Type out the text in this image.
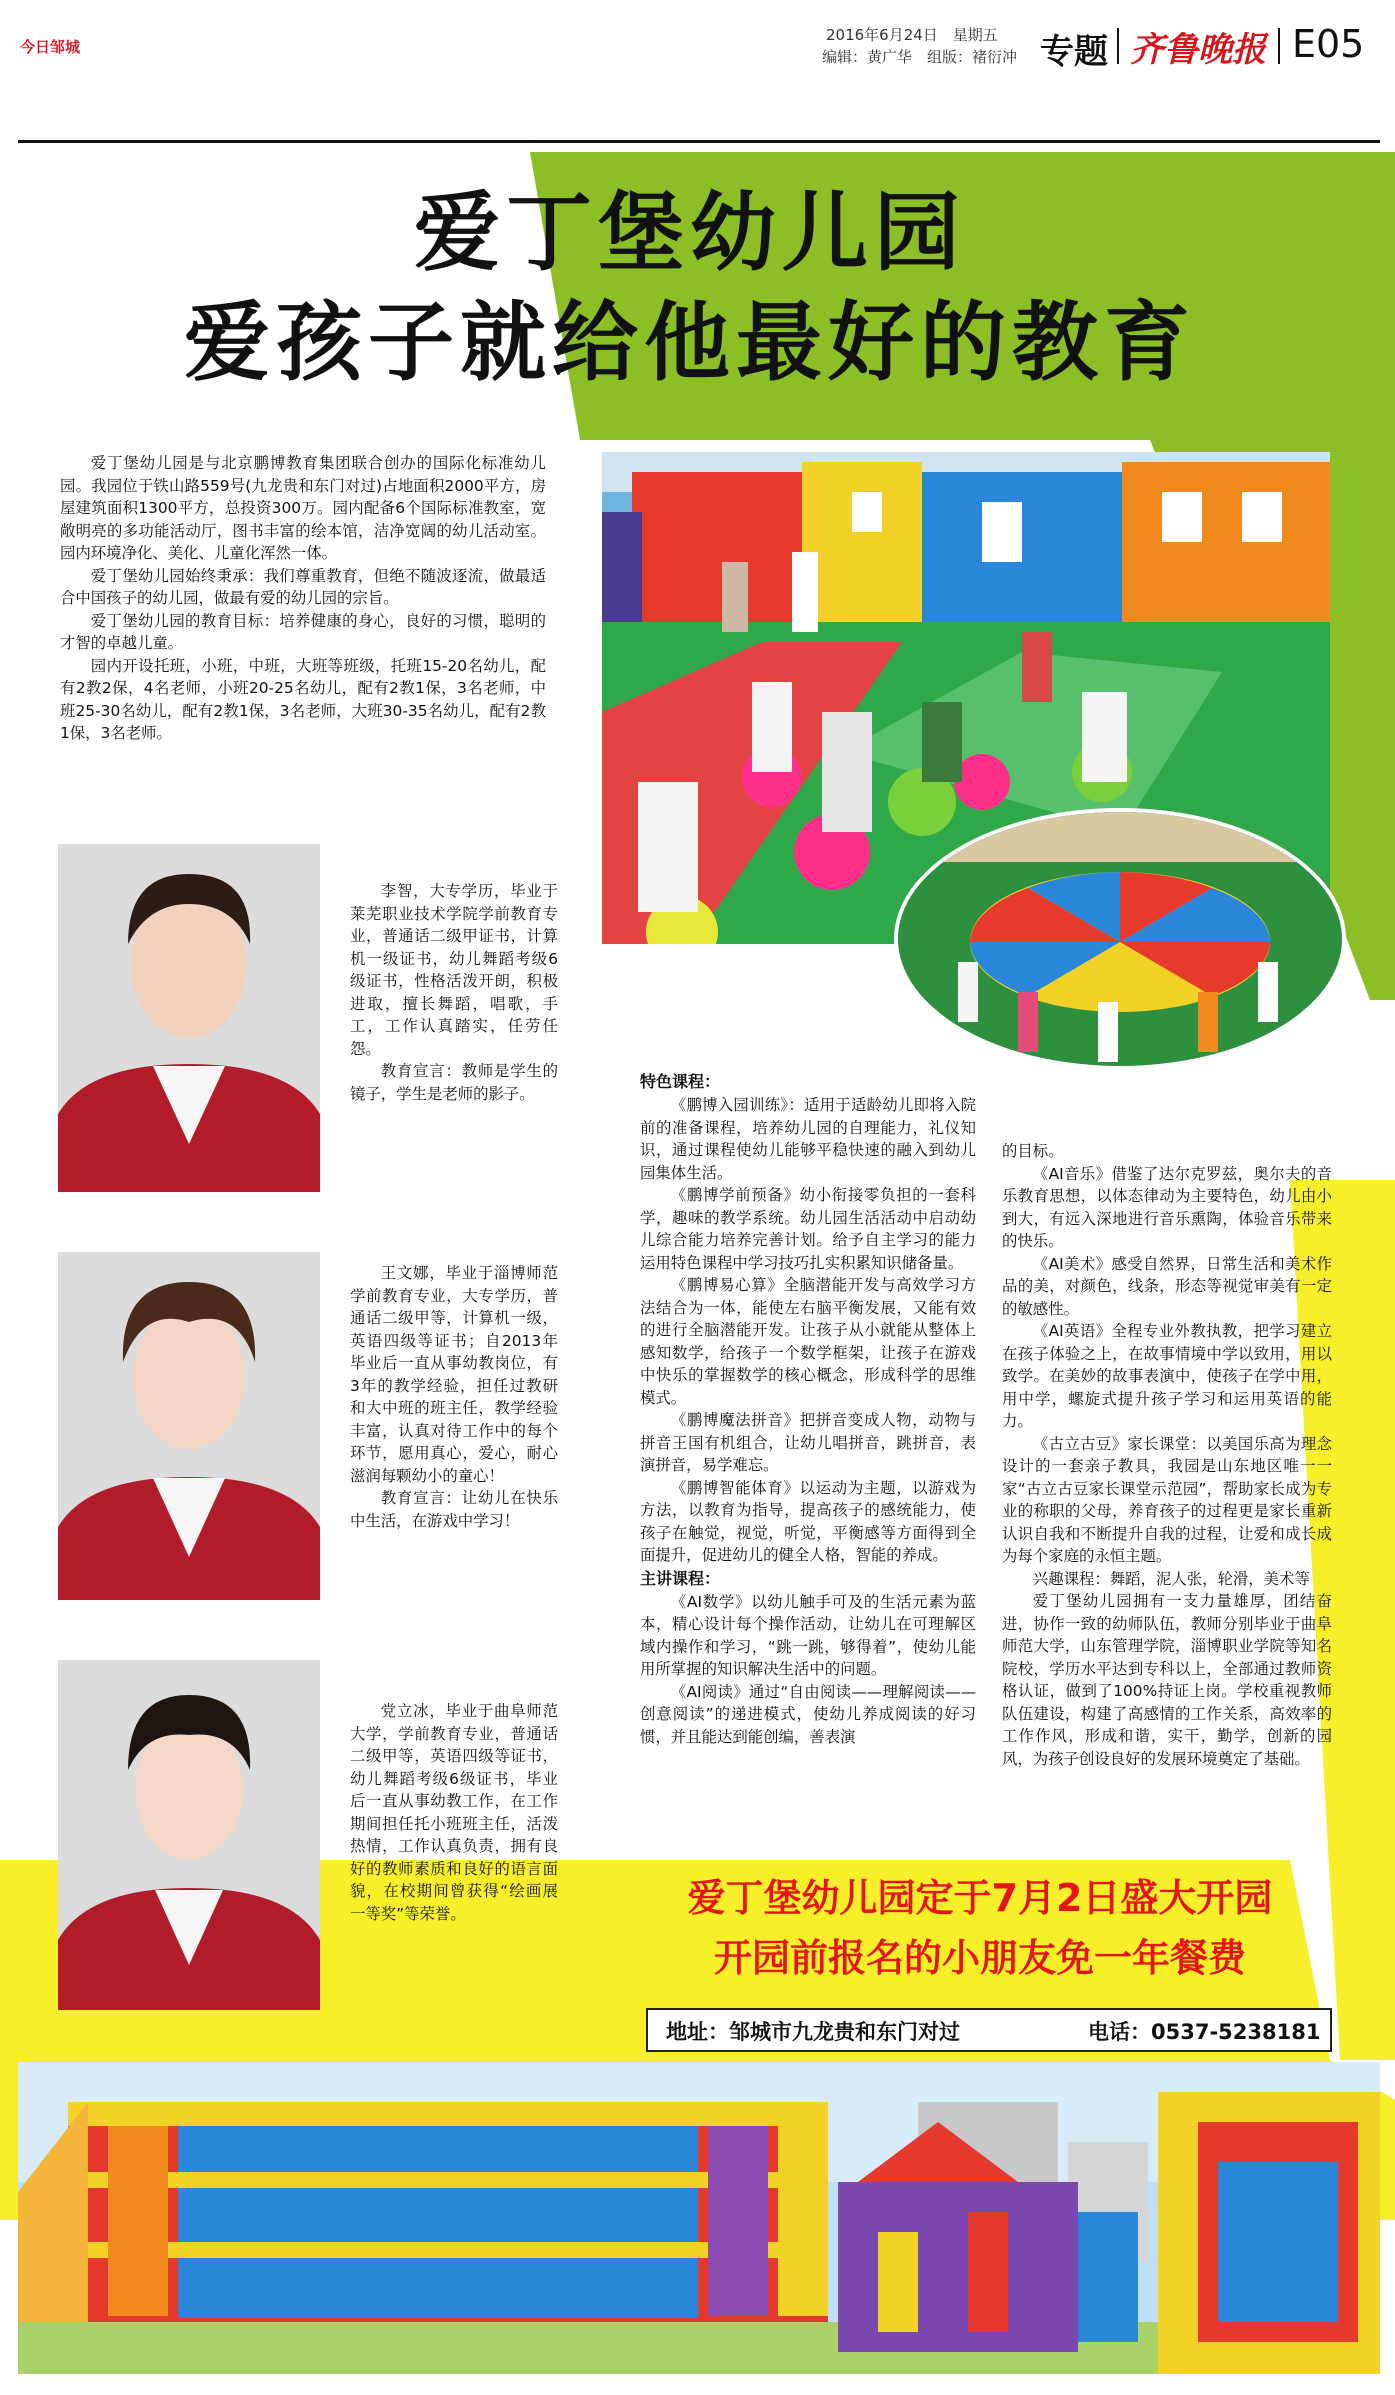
今日邹城
2016年6月24日　星期五
编辑：黄广华　组版：褚衍冲 专题 齐鲁晚报 E05
爱丁堡幼儿园
爱孩子就给他最好的教育

爱丁堡幼儿园是与北京鹏博教育集团联合创办的国际化标准幼儿园。我园位于铁山路559号(九龙贵和东门对过)占地面积2000平方，房屋建筑面积1300平方，总投资300万。园内配备6个国际标准教室，宽敞明亮的多功能活动厅，图书丰富的绘本馆，洁净宽阔的幼儿活动室。园内环境净化、美化、儿童化浑然一体。

爱丁堡幼儿园始终秉承：我们尊重教育，但绝不随波逐流，做最适合中国孩子的幼儿园，做最有爱的幼儿园的宗旨。

爱丁堡幼儿园的教育目标：培养健康的身心，良好的习惯，聪明的才智的卓越儿童。

园内开设托班，小班，中班，大班等班级，托班15-20名幼儿，配有2教2保，4名老师，小班20-25名幼儿，配有2教1保，3名老师，中班25-30名幼儿，配有2教1保，3名老师，大班30-35名幼儿，配有2教1保，3名老师。

李智，大专学历，毕业于莱芜职业技术学院学前教育专业，普通话二级甲证书，计算机一级证书，幼儿舞蹈考级6级证书，性格活泼开朗，积极进取，擅长舞蹈，唱歌，手工，工作认真踏实，任劳任怨。

教育宣言：教师是学生的镜子，学生是老师的影子。

王文娜，毕业于淄博师范学前教育专业，大专学历，普通话二级甲等，计算机一级，英语四级等证书；自2013年毕业后一直从事幼教岗位，有3年的教学经验，担任过教研和大中班的班主任，教学经验丰富，认真对待工作中的每个环节，愿用真心，爱心，耐心滋润每颗幼小的童心！

教育宣言：让幼儿在快乐中生活，在游戏中学习！

党立冰，毕业于曲阜师范大学，学前教育专业，普通话二级甲等，英语四级等证书，幼儿舞蹈考级6级证书，毕业后一直从事幼教工作，在工作期间担任托小班班主任，活泼热情，工作认真负责，拥有良好的教师素质和良好的语言面貌，在校期间曾获得“绘画展一等奖”等荣誉。

特色课程：

《鹏博入园训练》：适用于适龄幼儿即将入院前的准备课程，培养幼儿园的自理能力，礼仪知识，通过课程使幼儿能够平稳快速的融入到幼儿园集体生活。

《鹏博学前预备》幼小衔接零负担的一套科学，趣味的教学系统。幼儿园生活活动中启动幼儿综合能力培养完善计划。给予自主学习的能力运用特色课程中学习技巧扎实积累知识储备量。

《鹏博易心算》全脑潜能开发与高效学习方法结合为一体，能使左右脑平衡发展，又能有效的进行全脑潜能开发。让孩子从小就能从整体上感知数学，给孩子一个数学框架，让孩子在游戏中快乐的掌握数学的核心概念，形成科学的思维模式。

《鹏博魔法拼音》把拼音变成人物，动物与拼音王国有机组合，让幼儿唱拼音，跳拼音，表演拼音，易学难忘。

《鹏博智能体育》以运动为主题，以游戏为方法，以教育为指导，提高孩子的感统能力，使孩子在触觉，视觉，听觉，平衡感等方面得到全面提升，促进幼儿的健全人格，智能的养成。

主讲课程：

《AI数学》以幼儿触手可及的生活元素为蓝本，精心设计每个操作活动，让幼儿在可理解区域内操作和学习，“跳一跳，够得着”，使幼儿能用所掌握的知识解决生活中的问题。

《AI阅读》通过“自由阅读——理解阅读——创意阅读”的递进模式，使幼儿养成阅读的好习惯，并且能达到能创编，善表演

的目标。

《AI音乐》借鉴了达尔克罗兹，奥尔夫的音乐教育思想，以体态律动为主要特色，幼儿由小到大，有远入深地进行音乐熏陶，体验音乐带来的快乐。

《AI美术》感受自然界，日常生活和美术作品的美，对颜色，线条，形态等视觉审美有一定的敏感性。

《AI英语》全程专业外教执教，把学习建立在孩子体验之上，在故事情境中学以致用，用以致学。在美妙的故事表演中，使孩子在学中用，用中学，螺旋式提升孩子学习和运用英语的能力。

《古立古豆》家长课堂：以美国乐高为理念设计的一套亲子教具，我园是山东地区唯一一家“古立古豆家长课堂示范园”，帮助家长成为专业的称职的父母，养育孩子的过程更是家长重新认识自我和不断提升自我的过程，让爱和成长成为每个家庭的永恒主题。

兴趣课程：舞蹈，泥人张，轮滑，美术等

爱丁堡幼儿园拥有一支力量雄厚，团结奋进，协作一致的幼师队伍，教师分别毕业于曲阜师范大学，山东管理学院，淄博职业学院等知名院校，学历水平达到专科以上，全部通过教师资格认证，做到了100%持证上岗。学校重视教师队伍建设，构建了高感情的工作关系，高效率的工作作风，形成和谐，实干，勤学，创新的园风，为孩子创设良好的发展环境奠定了基础。

爱丁堡幼儿园定于7月2日盛大开园
开园前报名的小朋友免一年餐费
地址：邹城市九龙贵和东门对过	电话：0537-5238181
